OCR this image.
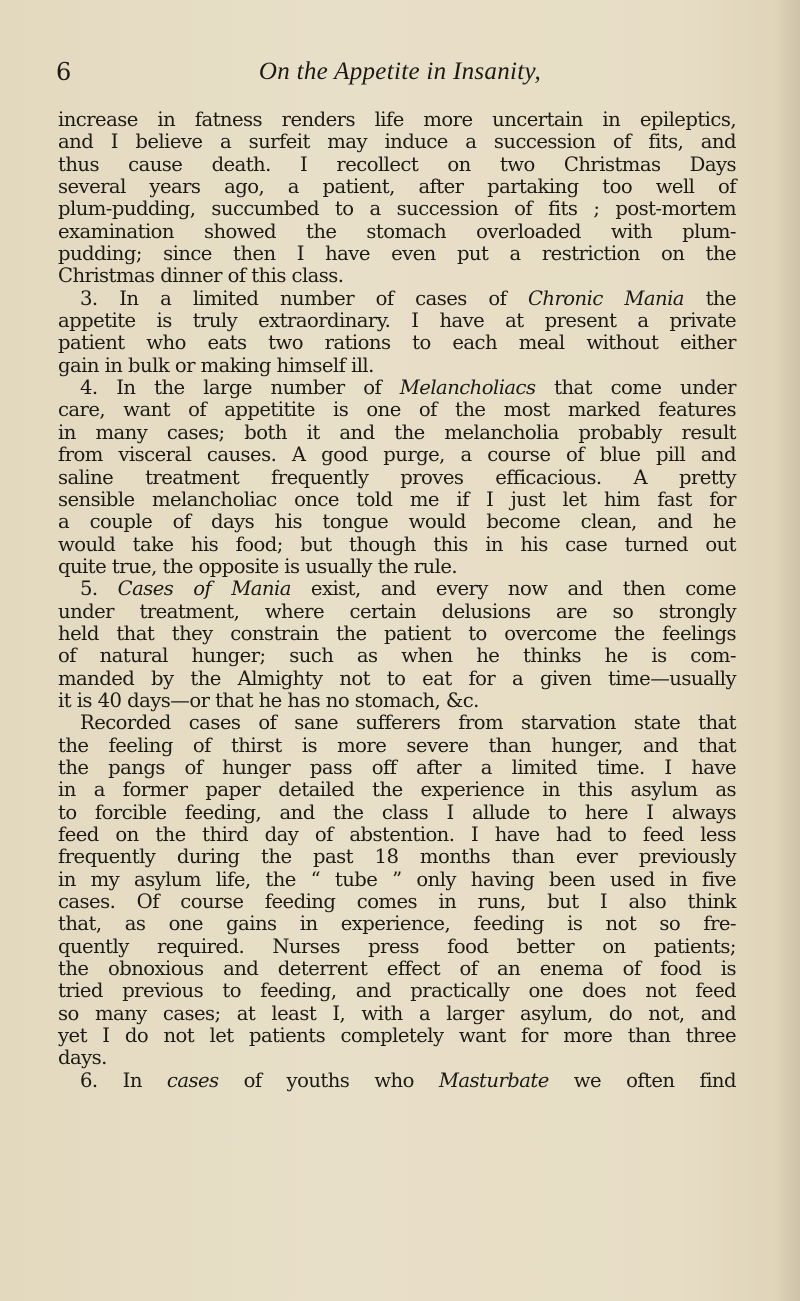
6	On the Appetite in Insanity,
increase in fatness renders life more uncertain in epileptics,
and I believe a surfeit may induce a succession of fits, and
thus cause death. I recollect on two Christmas Days
several years ago, a patient, after partaking too well of
plum-pudding, succumbed to a succession of fits ; post-mortem
examination showed the stomach overloaded with plum-
pudding; since then I have even put a restriction on the
Christmas dinner of this class.
3. In a limited number of cases of Chronic Mania the
appetite is truly extraordinary. I have at present a private
patient who eats two rations to each meal without either
gain in bulk or making himself ill.
4. In the large number of Melancholiacs that come under
care, want of appetitite is one of the most marked features
in many cases; both it and the melancholia probably result
from visceral causes. A good purge, a course of blue pill and
saline treatment frequently proves efficacious. A pretty
sensible melancholiac once told me if I just let him fast for
a couple of days his tongue would become clean, and he
would take his food; but though this in his case turned out
quite true, the opposite is usually the rule.
5. Cases of Mania exist, and every now and then come
under treatment, where certain delusions are so strongly
held that they constrain the patient to overcome the feelings
of natural hunger; such as when he thinks he is com-
manded by the Almighty not to eat for a given time—usually
it is 40 days—or that he has no stomach, &c.
Recorded cases of sane sufferers from starvation state that
the feeling of thirst is more severe than hunger, and that
the pangs of hunger pass off after a limited time. I have
in a former paper detailed the experience in this asylum as
to forcible feeding, and the class I allude to here I always
feed on the third day of abstention. I have had to feed less
frequently during the past 18 months than ever previously
in my asylum life, the “ tube ” only having been used in five
cases. Of course feeding comes in runs, but I also think
that, as one gains in experience, feeding is not so fre-
quently required. Nurses press food better on patients;
the obnoxious and deterrent effect of an enema of food is
tried previous to feeding, and practically one does not feed
so many cases; at least I, with a larger asylum, do not, and
yet I do not let patients completely want for more than three
days.
6. In cases of youths who Masturbate we often find
